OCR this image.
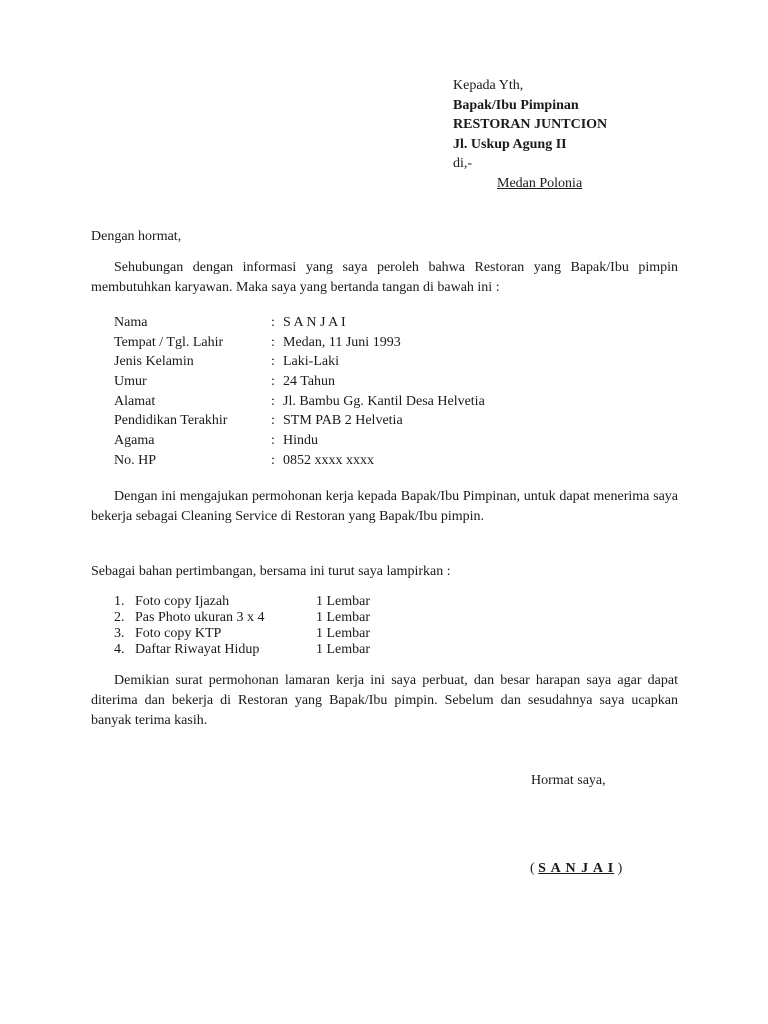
Kepada Yth,
Bapak/Ibu Pimpinan
RESTORAN JUNTCION
Jl. Uskup Agung II
di,-
Medan Polonia
Dengan hormat,
Sehubungan dengan informasi yang saya peroleh bahwa Restoran yang Bapak/Ibu pimpin membutuhkan karyawan. Maka saya yang bertanda tangan di bawah ini :
Nama	: S A N J A I
Tempat / Tgl. Lahir	: Medan, 11 Juni 1993
Jenis Kelamin	: Laki-Laki
Umur	: 24 Tahun
Alamat	: Jl. Bambu Gg. Kantil Desa Helvetia
Pendidikan Terakhir	: STM PAB 2 Helvetia
Agama	: Hindu
No. HP	: 0852 xxxx xxxx
Dengan ini mengajukan permohonan kerja kepada Bapak/Ibu Pimpinan, untuk dapat menerima saya bekerja sebagai Cleaning Service di Restoran yang Bapak/Ibu pimpin.
Sebagai bahan pertimbangan, bersama ini turut saya lampirkan :
1. Foto copy Ijazah	1 Lembar
2. Pas Photo ukuran 3 x 4	1 Lembar
3. Foto copy KTP	1 Lembar
4. Daftar Riwayat Hidup	1 Lembar
Demikian surat permohonan lamaran kerja ini saya perbuat, dan besar harapan saya agar dapat diterima dan bekerja di Restoran yang Bapak/Ibu pimpin. Sebelum dan sesudahnya saya ucapkan banyak terima kasih.
Hormat saya,
( S A N J A I )
